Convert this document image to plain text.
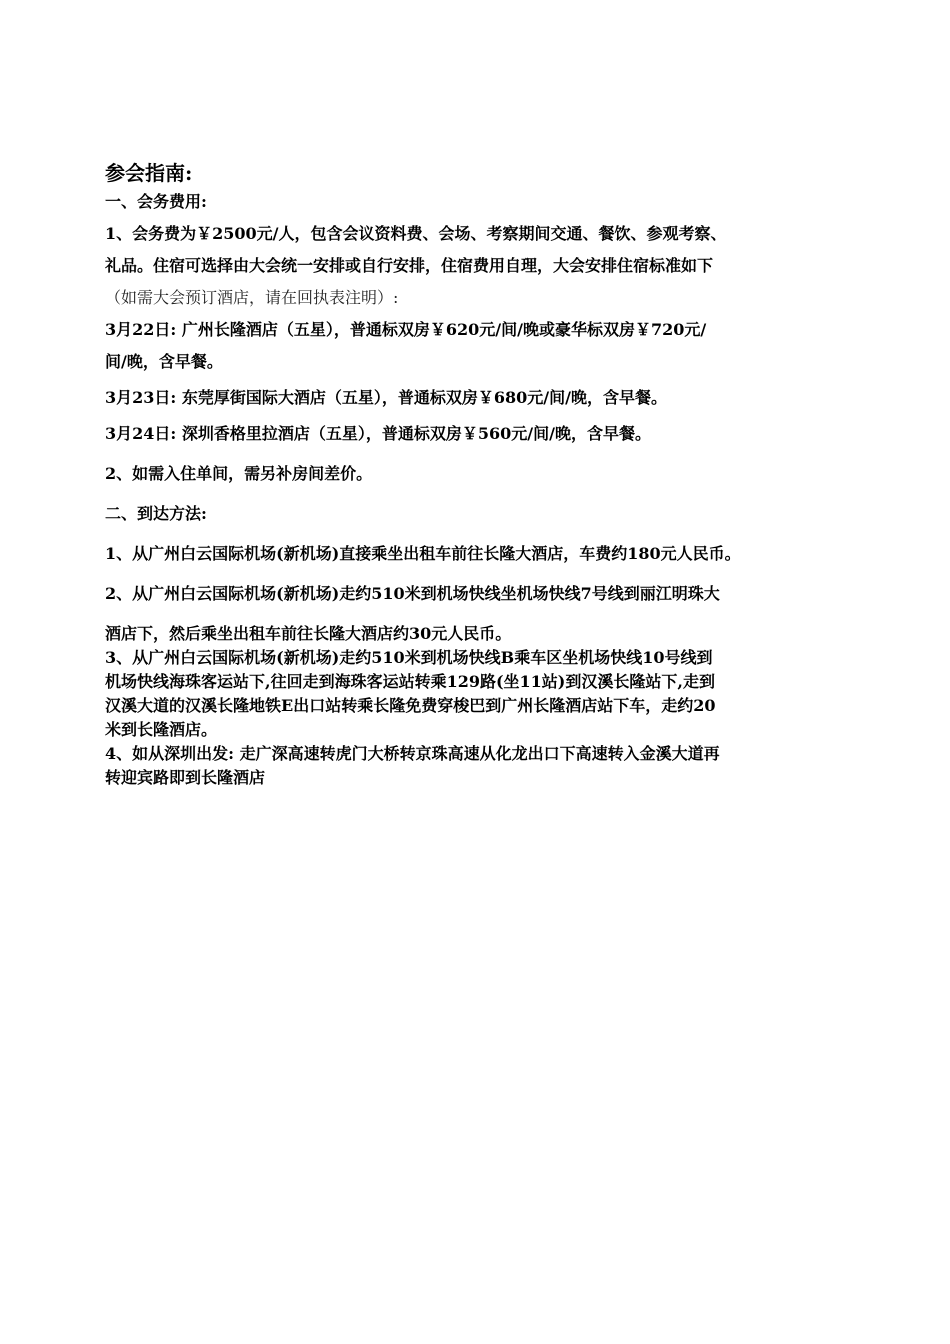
参会指南:
一、会务费用:
1、会务费为￥2500元/人，包含会议资料费、会场、考察期间交通、餐饮、参观考察、
礼品。住宿可选择由大会统一安排或自行安排，住宿费用自理，大会安排住宿标准如下
（如需大会预订酒店，请在回执表注明）:
3月22日: 广州长隆酒店（五星），普通标双房￥620元/间/晚或豪华标双房￥720元/
间/晚，含早餐。
3月23日: 东莞厚街国际大酒店（五星），普通标双房￥680元/间/晚，含早餐。
3月24日: 深圳香格里拉酒店（五星），普通标双房￥560元/间/晚，含早餐。
2、如需入住单间，需另补房间差价。
二、到达方法:
1、从广州白云国际机场(新机场)直接乘坐出租车前往长隆大酒店，车费约180元人民币。
2、从广州白云国际机场(新机场)走约510米到机场快线坐机场快线7号线到丽江明珠大
酒店下，然后乘坐出租车前往长隆大酒店约30元人民币。
3、从广州白云国际机场(新机场)走约510米到机场快线B乘车区坐机场快线10号线到
机场快线海珠客运站下,往回走到海珠客运站转乘129路(坐11站)到汉溪长隆站下,走到
汉溪大道的汉溪长隆地铁E出口站转乘长隆免费穿梭巴到广州长隆酒店站下车，走约20
米到长隆酒店。
4、如从深圳出发: 走广深高速转虎门大桥转京珠高速从化龙出口下高速转入金溪大道再
转迎宾路即到长隆酒店
